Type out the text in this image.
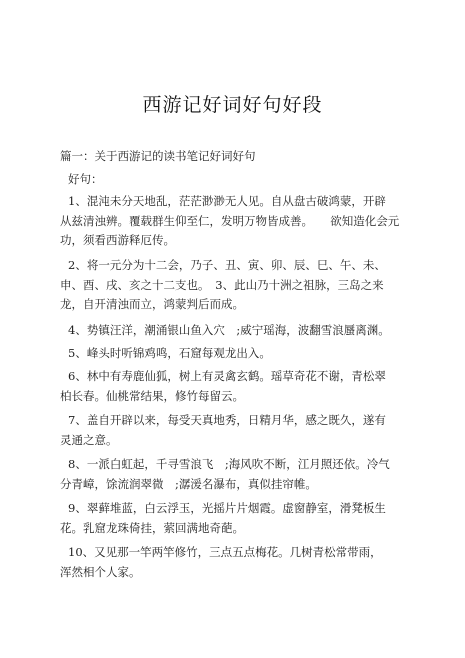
西游记好词好句好段
篇一：关于西游记的读书笔记好词好句
好句：
1、混沌未分天地乱，茫茫渺渺无人见。自从盘古破鸿蒙，开辟
从兹清浊辨。覆载群生仰至仁，发明万物皆成善。　　欲知造化会元
功，须看西游释厄传。
2、将一元分为十二会，乃子、丑、寅、卯、辰、巳、午、未、
申、酉、戌、亥之十二支也。　3、此山乃十洲之祖脉，三岛之来
龙，自开清浊而立，鸿蒙判后而成。
4、势镇汪洋，潮涌银山鱼入穴　;威宁瑶海，波翻雪浪蜃离渊。
5、峰头时听锦鸡鸣，石窟每观龙出入。
6、林中有寿鹿仙狐，树上有灵禽玄鹤。瑶草奇花不谢，青松翠
柏长春。仙桃常结果，修竹每留云。
7、盖自开辟以来，每受天真地秀，日精月华，感之既久，遂有
灵通之意。
8、一派白虹起，千寻雪浪飞　;海风吹不断，江月照还依。冷气
分青嶂，馀流润翠微　;潺湲名瀑布，真似挂帘帷。
9、翠藓堆蓝，白云浮玉，光摇片片烟霞。虚窗静室，滑凳板生
花。乳窟龙珠倚挂，萦回满地奇葩。
10、又见那一竿两竿修竹，三点五点梅花。几树青松常带雨，
浑然相个人家。
